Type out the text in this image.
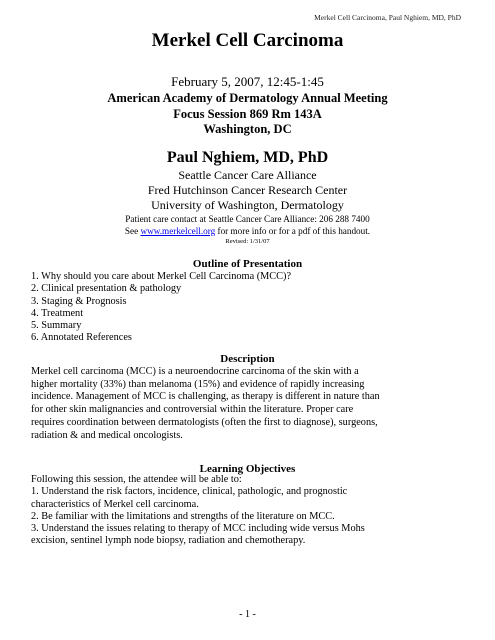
Merkel Cell Carcinoma, Paul Nghiem, MD, PhD
Merkel Cell Carcinoma
February 5, 2007, 12:45-1:45
American Academy of Dermatology Annual Meeting
Focus Session 869 Rm 143A
Washington, DC
Paul Nghiem, MD, PhD
Seattle Cancer Care Alliance
Fred Hutchinson Cancer Research Center
University of Washington, Dermatology
Patient care contact at Seattle Cancer Care Alliance: 206 288 7400
See www.merkelcell.org for more info or for a pdf of this handout.
Revised: 1/31/07
Outline of Presentation
1. Why should you care about Merkel Cell Carcinoma (MCC)?
2. Clinical presentation & pathology
3. Staging & Prognosis
4. Treatment
5. Summary
6. Annotated References
Description
Merkel cell carcinoma (MCC) is a neuroendocrine carcinoma of the skin with a
higher mortality (33%) than melanoma (15%) and evidence of rapidly increasing
incidence. Management of MCC is challenging, as therapy is different in nature than
for other skin malignancies and controversial within the literature. Proper care
requires coordination between dermatologists (often the first to diagnose), surgeons,
radiation & and medical oncologists.
Learning Objectives
Following this session, the attendee will be able to:
1. Understand the risk factors, incidence, clinical, pathologic, and prognostic
characteristics of Merkel cell carcinoma.
2. Be familiar with the limitations and strengths of the literature on MCC.
3. Understand the issues relating to therapy of MCC including wide versus Mohs
excision, sentinel lymph node biopsy, radiation and chemotherapy.
- 1 -
